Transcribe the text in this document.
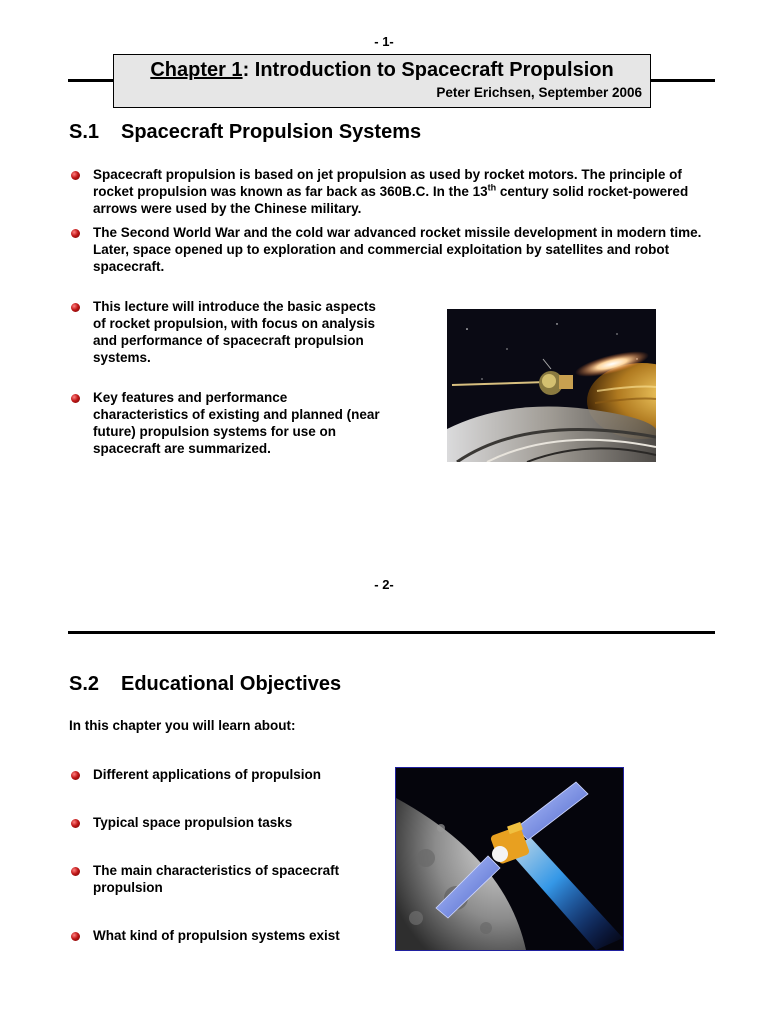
- 1-
Chapter 1: Introduction to Spacecraft Propulsion
Peter Erichsen, September 2006
S.1 Spacecraft Propulsion Systems
Spacecraft propulsion is based on jet propulsion as used by rocket motors. The principle of rocket propulsion was known as far back as 360B.C. In the 13th century solid rocket-powered arrows were used by the Chinese military.
The Second World War and the cold war advanced rocket missile development in modern time. Later, space opened up to exploration and commercial exploitation by satellites and robot spacecraft.
This lecture will introduce the basic aspects of rocket propulsion, with focus on analysis and performance of spacecraft propulsion systems.
Key features and performance characteristics of existing and planned (near future) propulsion systems for use on spacecraft are summarized.
- 2-
S.2 Educational Objectives
In this chapter you will learn about:
Different applications of propulsion
Typical space propulsion tasks
The main characteristics of spacecraft propulsion
What kind of propulsion systems exist
